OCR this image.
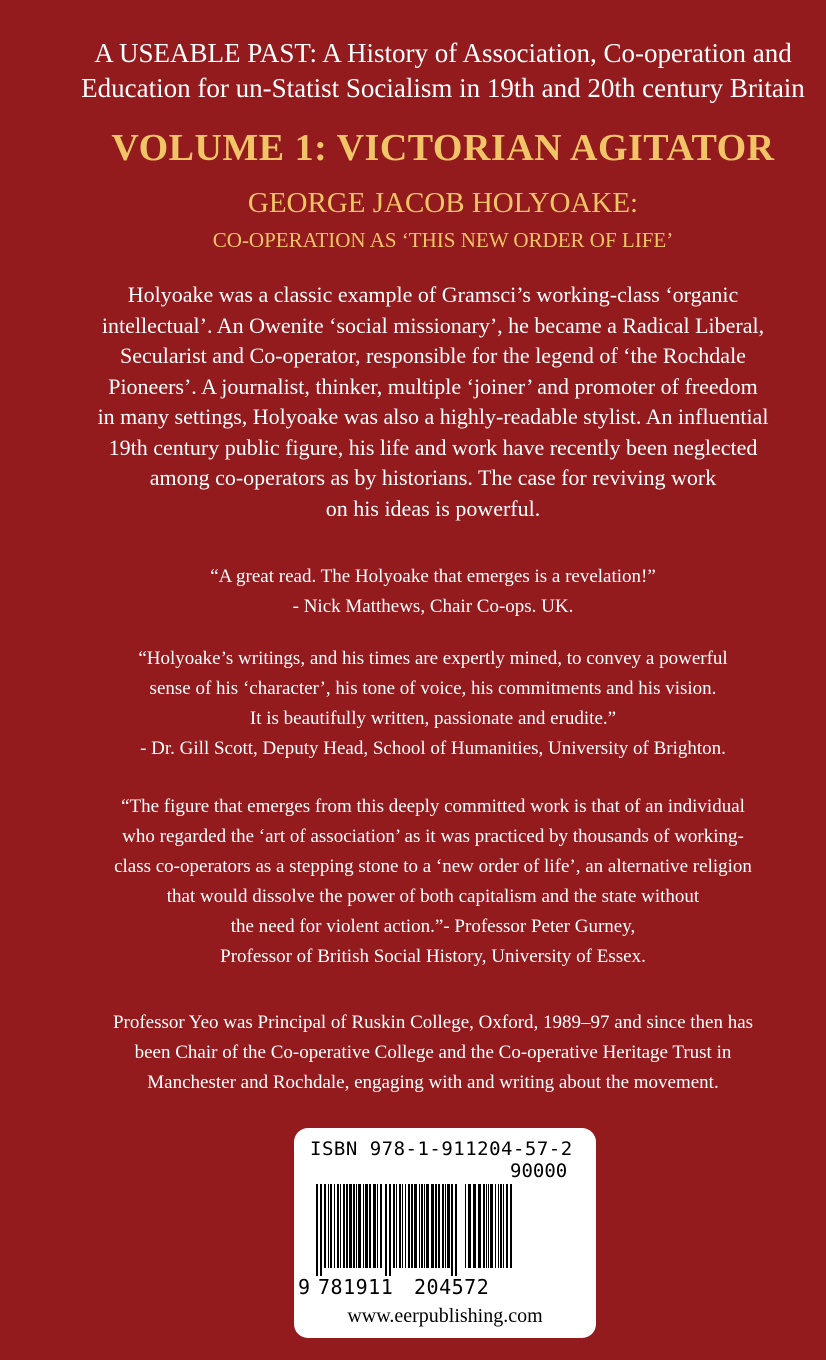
A USEABLE PAST: A History of Association, Co-operation and
Education for un-Statist Socialism in 19th and 20th century Britain
VOLUME 1: VICTORIAN AGITATOR
GEORGE JACOB HOLYOAKE:
CO-OPERATION AS ‘THIS NEW ORDER OF LIFE’
Holyoake was a classic example of Gramsci’s working-class ‘organic
intellectual’. An Owenite ‘social missionary’, he became a Radical Liberal,
Secularist and Co-operator, responsible for the legend of ‘the Rochdale
Pioneers’. A journalist, thinker, multiple ‘joiner’ and promoter of freedom
in many settings, Holyoake was also a highly-readable stylist. An influential
19th century public figure, his life and work have recently been neglected
among co-operators as by historians. The case for reviving work
on his ideas is powerful.
“A great read. The Holyoake that emerges is a revelation!”
- Nick Matthews, Chair Co-ops. UK.
“Holyoake’s writings, and his times are expertly mined, to convey a powerful
sense of his ‘character’, his tone of voice, his commitments and his vision.
It is beautifully written, passionate and erudite.”
- Dr. Gill Scott, Deputy Head, School of Humanities, University of Brighton.
“The figure that emerges from this deeply committed work is that of an individual
who regarded the ‘art of association’ as it was practiced by thousands of working-
class co-operators as a stepping stone to a ‘new order of life’, an alternative religion
that would dissolve the power of both capitalism and the state without
the need for violent action.”- Professor Peter Gurney,
Professor of British Social History, University of Essex.
Professor Yeo was Principal of Ruskin College, Oxford, 1989–97 and since then has
been Chair of the Co-operative College and the Co-operative Heritage Trust in
Manchester and Rochdale, engaging with and writing about the movement.
ISBN 978-1-911204-57-2
90000
9 781911 204572
www.eerpublishing.com
